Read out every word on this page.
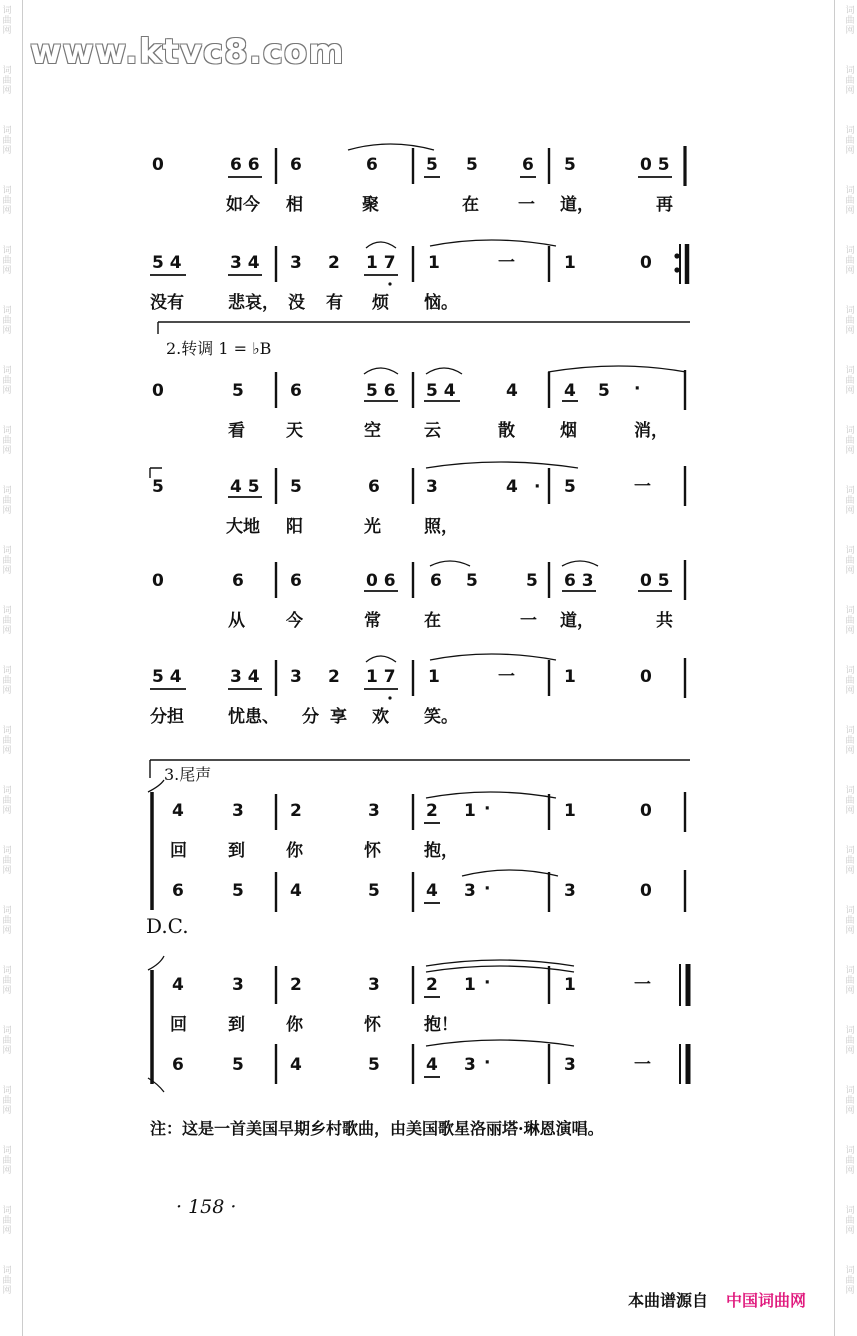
词
曲
网
词
曲
网
词
曲
网
词
曲
网
词
曲
网
词
曲
网
词
曲
网
词
曲
网
词
曲
网
词
曲
网
词
曲
网
词
曲
网
词
曲
网
词
曲
网
词
曲
网
词
曲
网
词
曲
网
词
曲
网
词
曲
网
词
曲
网
词
曲
网
词
曲
网
词
曲
网
词
曲
网
词
曲
网
词
曲
网
词
曲
网
词
曲
网
词
曲
网
词
曲
网
词
曲
网
词
曲
网
词
曲
网
词
曲
网
词
曲
网
词
曲
网
词
曲
网
词
曲
网
词
曲
网
词
曲
网
词
曲
网
词
曲
网
词
曲
网
词
曲
网
www.ktvc8.com
0	6 6 6	6	5 5	6 5	0 5
如今 相	聚	在 一 道，	再
5 4	3 4 3 2 1 7 1	一	1	0
没有	悲哀， 没 有 烦 恼。
2.转调 1 = ♭B
0	5	6	5 6 5 4	4	4 5 ·
看 天	空	云	散	烟	消，
5	4 5 5	6	3	4 · 5	一
大地 阳	光	照，
0	6	6	0 6 6 5	5 6 3	0 5
从 今	常	在	一 道，	共
5 4	3 4 3 2 1 7 1	一	1	0
分担	忧患、 分 享 欢 笑。
3.尾声
4	3	2	3	2 1 ·	1	0
回 到 你	怀	抱，
6	5	4	5	4 3 ·	3	0
D.C.
4	3	2	3	2 1 ·	1	一
回 到 你	怀	抱！
6	5	4	5	4 3 ·	3	一
注：这是一首美国早期乡村歌曲，由美国歌星洛丽塔·琳恩演唱。
· 158 ·
本曲谱源自 中国词曲网
